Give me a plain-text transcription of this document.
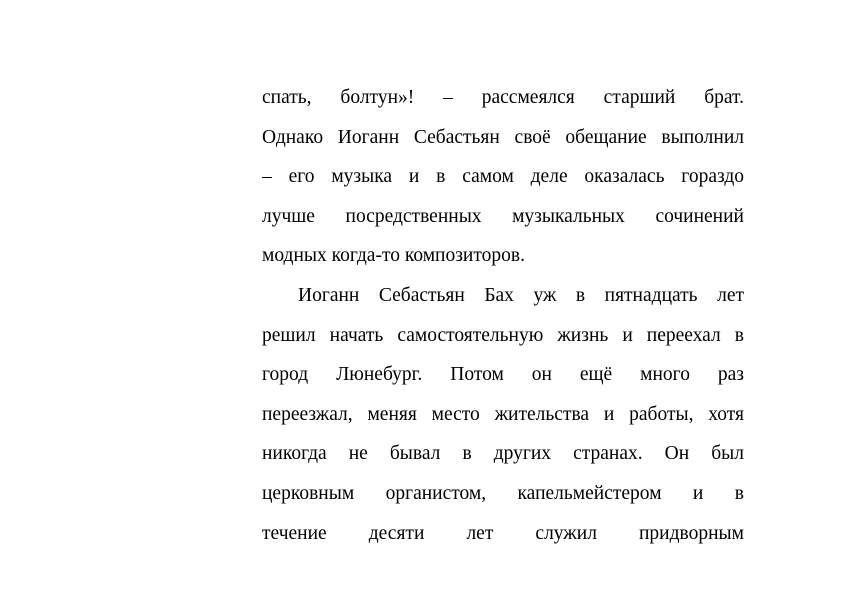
спать, болтун»! – рассмеялся старший брат.
Однако Иоганн Себастьян своё обещание выполнил
– его музыка и в самом деле оказалась гораздо
лучше посредственных музыкальных сочинений
модных когда-то композиторов.
Иоганн Себастьян Бах уж в пятнадцать лет
решил начать самостоятельную жизнь и переехал в
город Люнебург. Потом он ещё много раз
переезжал, меняя место жительства и работы, хотя
никогда не бывал в других странах. Он был
церковным органистом, капельмейстером и в
течение десяти лет служил придворным
